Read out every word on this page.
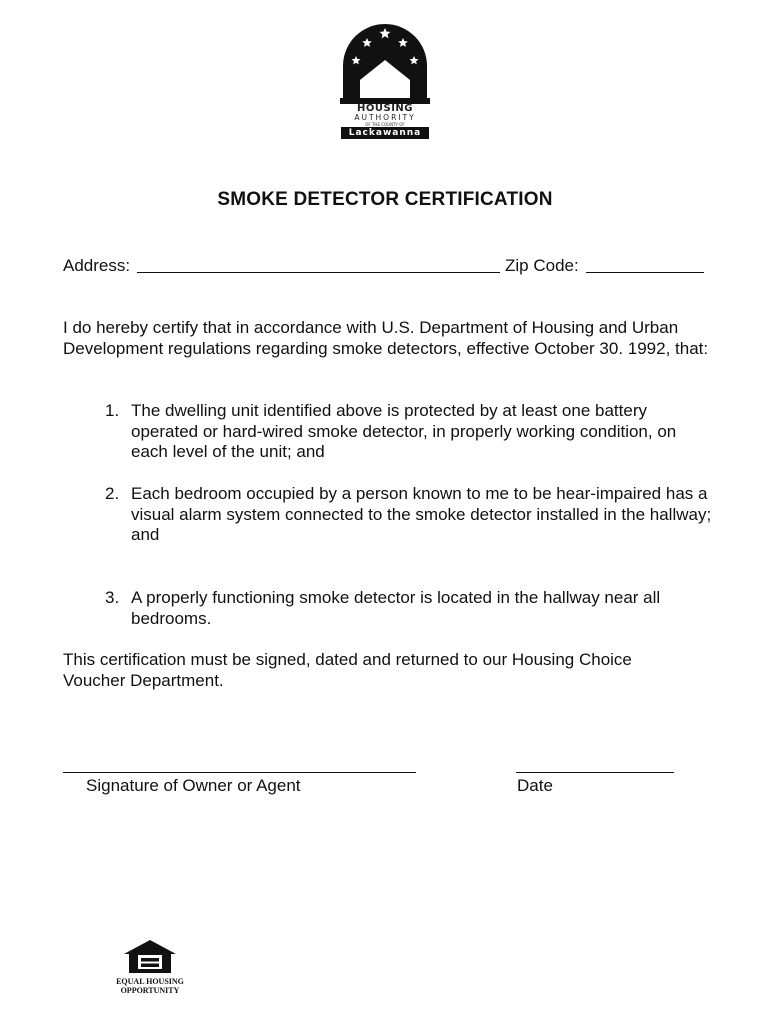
HOUSING
AUTHORITY
OF THE COUNTY OF
Lackawanna
SMOKE DETECTOR CERTIFICATION
Address:	Zip Code:

I do hereby certify that in accordance with U.S. Department of Housing and Urban Development regulations regarding smoke detectors, effective October 30. 1992, that:

1. The dwelling unit identified above is protected by at least one battery operated or hard-wired smoke detector, in properly working condition, on each level of the unit; and
2. Each bedroom occupied by a person known to me to be hear-impaired has a visual alarm system connected to the smoke detector installed in the hallway; and
3. A properly functioning smoke detector is located in the hallway near all bedrooms.

This certification must be signed, dated and returned to our Housing Choice Voucher Department.

Signature of Owner or Agent	Date
EQUAL HOUSING
OPPORTUNITY
